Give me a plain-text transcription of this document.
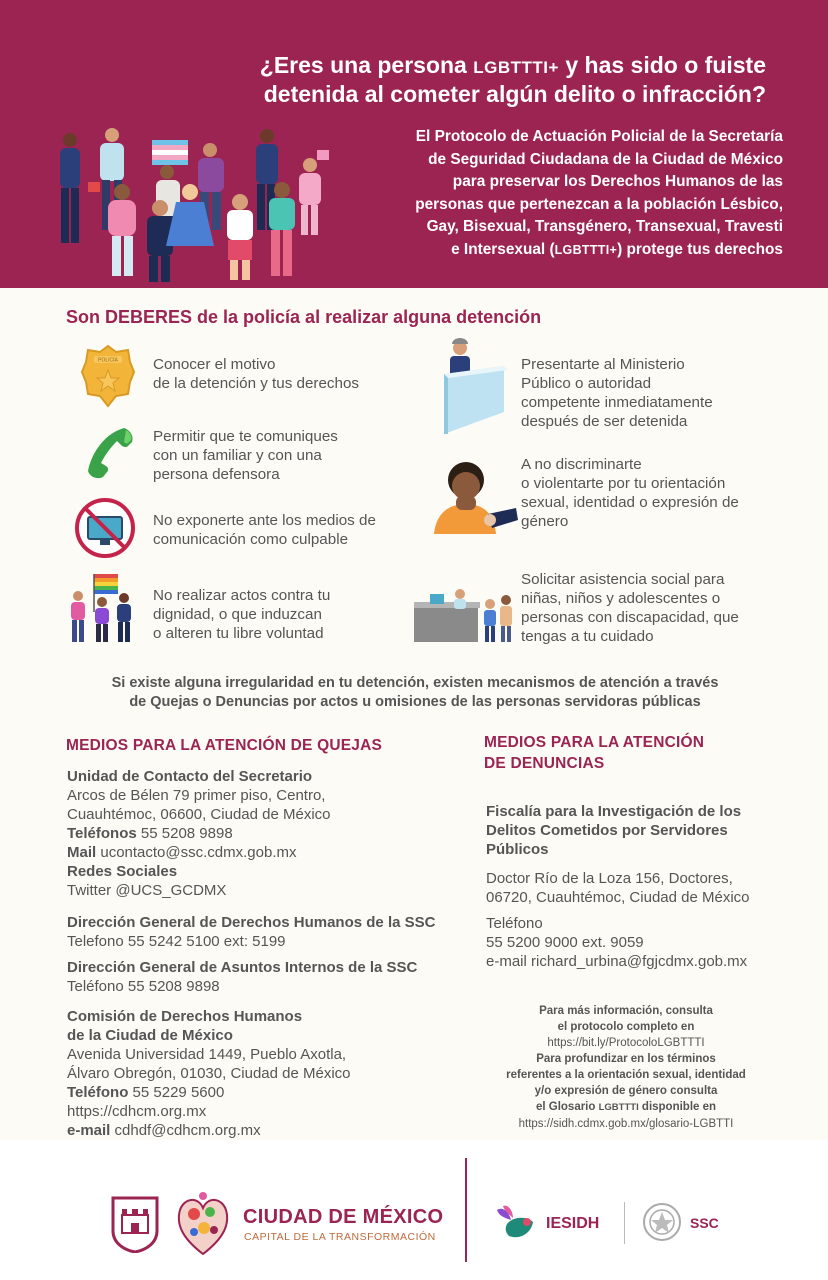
¿Eres una persona LGBTTTI+ y has sido o fuiste
detenida al cometer algún delito o infracción?
El Protocolo de Actuación Policial de la Secretaría
de Seguridad Ciudadana de la Ciudad de México
para preservar los Derechos Humanos de las
personas que pertenezcan a la población Lésbico,
Gay, Bisexual, Transgénero, Transexual, Travesti
e Intersexual (LGBTTTI+) protege tus derechos
Son DEBERES de la policía al realizar alguna detención
POLICÍA Conocer el motivo
de la detención y tus derechos
Permitir que te comuniques
con un familiar y con una
persona defensora
No exponerte ante los medios de
comunicación como culpable
No realizar actos contra tu
dignidad, o que induzcan
o alteren tu libre voluntad
Presentarte al Ministerio
Público o autoridad
competente inmediatamente
después de ser detenida
A no discriminarte
o violentarte por tu orientación
sexual, identidad o expresión de
género
Solicitar asistencia social para
niñas, niños y adolescentes o
personas con discapacidad, que
tengas a tu cuidado
Si existe alguna irregularidad en tu detención, existen mecanismos de atención a través
de Quejas o Denuncias por actos u omisiones de las personas servidoras públicas
MEDIOS PARA LA ATENCIÓN DE QUEJAS
Unidad de Contacto del Secretario
Arcos de Bélen 79 primer piso, Centro,
Cuauhtémoc, 06600, Ciudad de México
Teléfonos 55 5208 9898
Mail ucontacto@ssc.cdmx.gob.mx
Redes Sociales
Twitter @UCS_GCDMX
Dirección General de Derechos Humanos de la SSC
Telefono 55 5242 5100 ext: 5199
Dirección General de Asuntos Internos de la SSC
Teléfono 55 5208 9898
Comisión de Derechos Humanos
de la Ciudad de México
Avenida Universidad 1449, Pueblo Axotla,
Álvaro Obregón, 01030, Ciudad de México
Teléfono 55 5229 5600
https://cdhcm.org.mx
e-mail cdhdf@cdhcm.org.mx
MEDIOS PARA LA ATENCIÓN
DE DENUNCIAS
Fiscalía para la Investigación de los
Delitos Cometidos por Servidores
Públicos
Doctor Río de la Loza 156, Doctores,
06720, Cuauhtémoc, Ciudad de México
Teléfono
55 5200 9000 ext. 9059
e-mail richard_urbina@fgjcdmx.gob.mx
Para más información, consulta
el protocolo completo en
https://bit.ly/ProtocoloLGBTTTI
Para profundizar en los términos
referentes a la orientación sexual, identidad
y/o expresión de género consulta
el Glosario LGBTTTI disponible en
https://sidh.cdmx.gob.mx/glosario-LGBTTI
CIUDAD DE MÉXICO
CAPITAL DE LA TRANSFORMACIÓN
IESIDH	SSC
